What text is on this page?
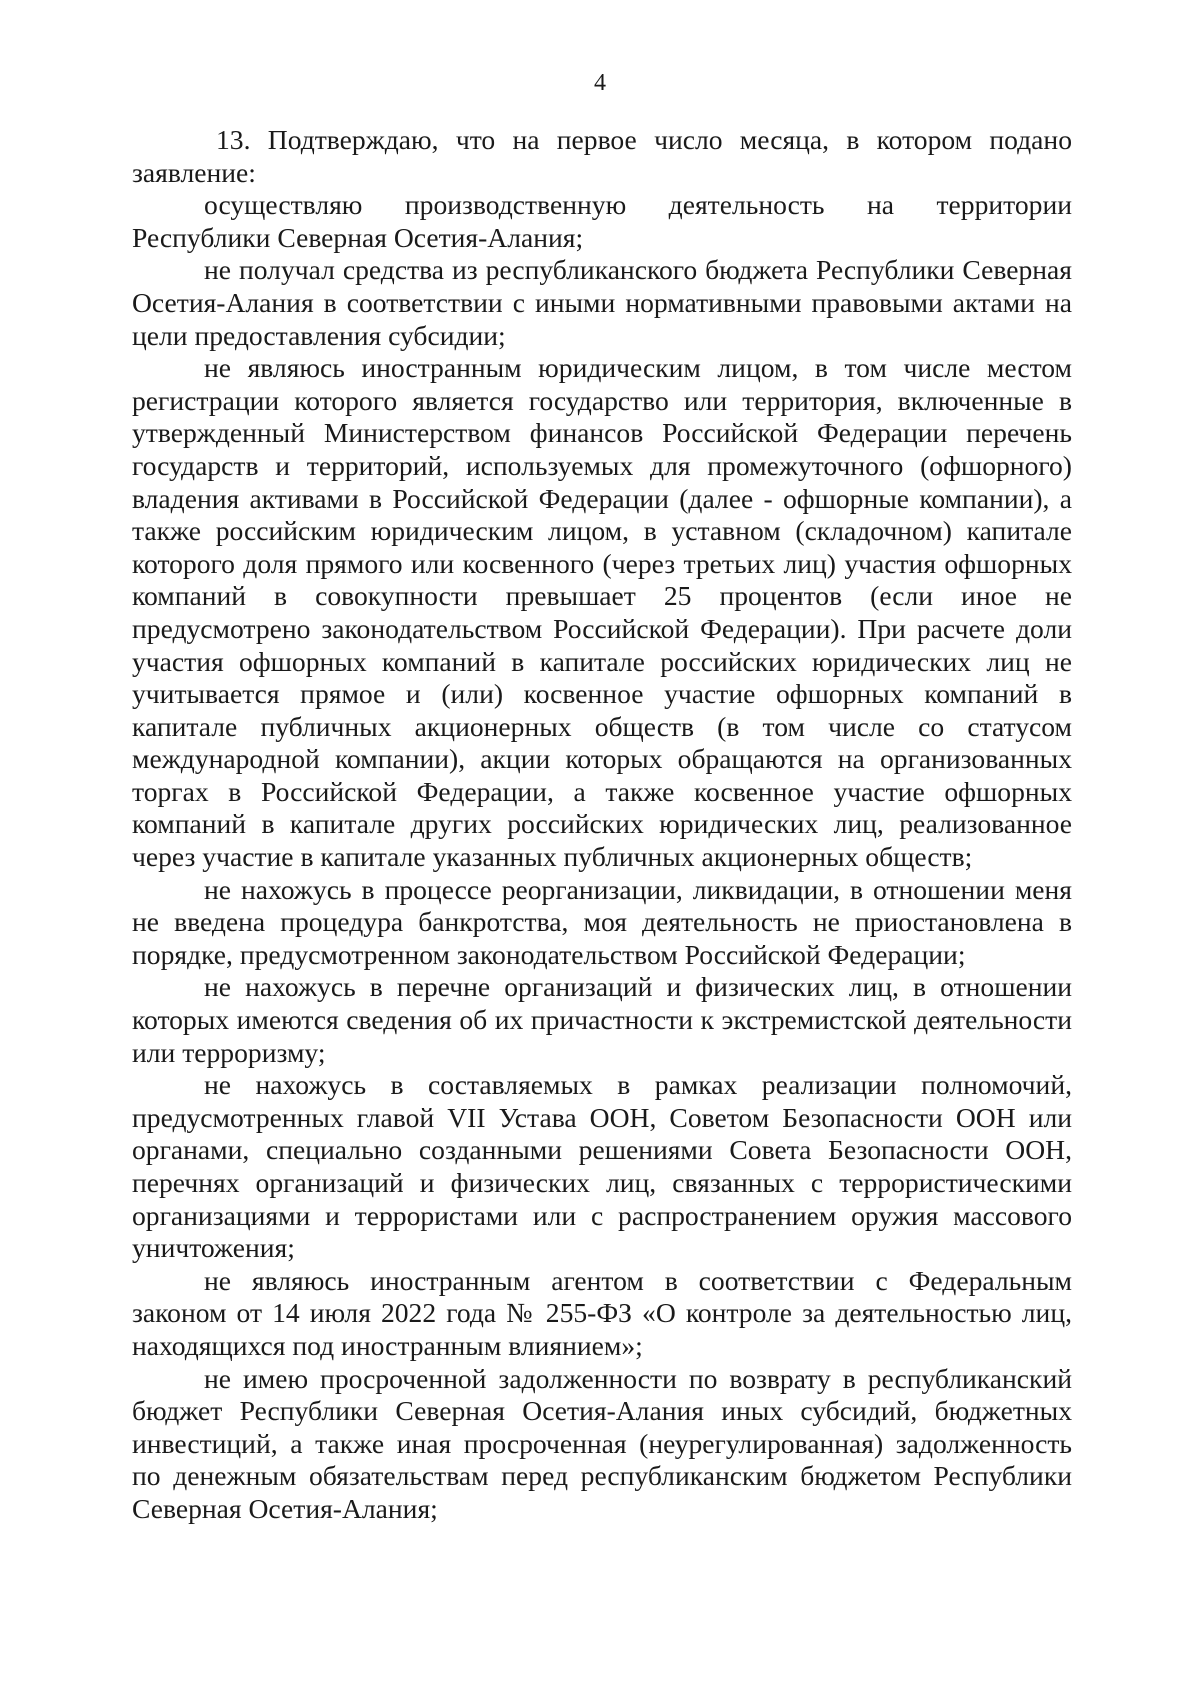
4

13. Подтверждаю, что на первое число месяца, в котором подано заявление:

осуществляю производственную деятельность на территории Республики Северная Осетия-Алания;

не получал средства из республиканского бюджета Республики Северная Осетия-Алания в соответствии с иными нормативными правовыми актами на цели предоставления субсидии;

не являюсь иностранным юридическим лицом, в том числе местом регистрации которого является государство или территория, включенные в утвержденный Министерством финансов Российской Федерации перечень государств и территорий, используемых для промежуточного (офшорного) владения активами в Российской Федерации (далее - офшорные компании), а также российским юридическим лицом, в уставном (складочном) капитале которого доля прямого или косвенного (через третьих лиц) участия офшорных компаний в совокупности превышает 25 процентов (если иное не предусмотрено законодательством Российской Федерации). При расчете доли участия офшорных компаний в капитале российских юридических лиц не учитывается прямое и (или) косвенное участие офшорных компаний в капитале публичных акционерных обществ (в том числе со статусом международной компании), акции которых обращаются на организованных торгах в Российской Федерации, а также косвенное участие офшорных компаний в капитале других российских юридических лиц, реализованное через участие в капитале указанных публичных акционерных обществ;

не нахожусь в процессе реорганизации, ликвидации, в отношении меня не введена процедура банкротства, моя деятельность не приостановлена в порядке, предусмотренном законодательством Российской Федерации;

не нахожусь в перечне организаций и физических лиц, в отношении которых имеются сведения об их причастности к экстремистской деятельности или терроризму;

не нахожусь в составляемых в рамках реализации полномочий, предусмотренных главой VII Устава ООН, Советом Безопасности ООН или органами, специально созданными решениями Совета Безопасности ООН, перечнях организаций и физических лиц, связанных с террористическими организациями и террористами или с распространением оружия массового уничтожения;

не являюсь иностранным агентом в соответствии с Федеральным законом от 14 июля 2022 года № 255-ФЗ «О контроле за деятельностью лиц, находящихся под иностранным влиянием»;

не имею просроченной задолженности по возврату в республиканский бюджет Республики Северная Осетия-Алания иных субсидий, бюджетных инвестиций, а также иная просроченная (неурегулированная) задолженность по денежным обязательствам перед республиканским бюджетом Республики Северная Осетия-Алания;
